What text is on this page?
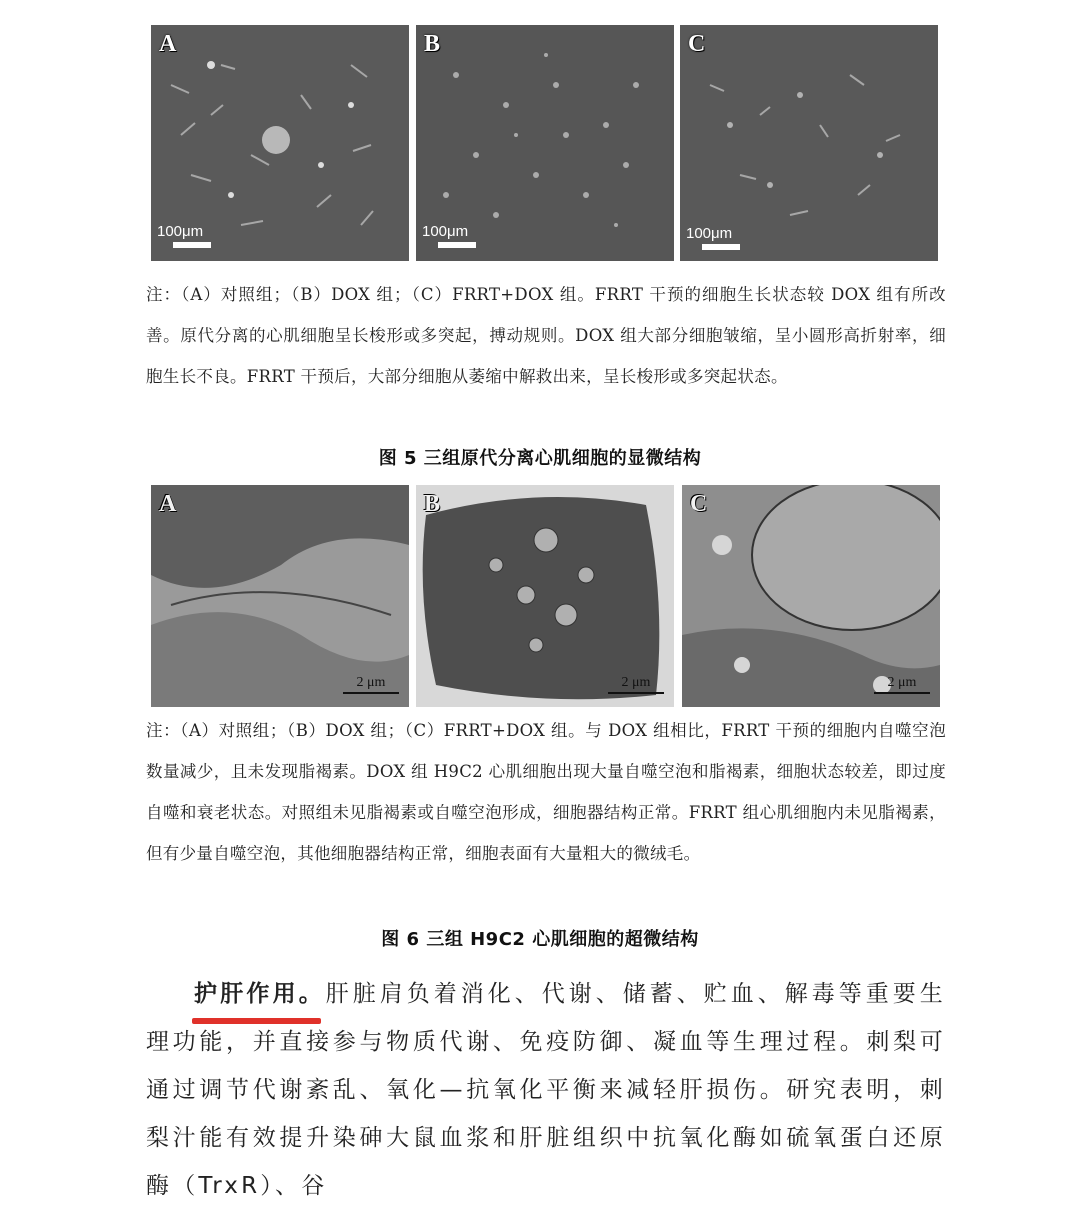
A
100μm
B
100μm
C
100μm
注：（A）对照组；（B）DOX 组；（C）FRRT+DOX 组。FRRT 干预的细胞生长状态较 DOX 组有所改善。原代分离的心肌细胞呈长梭形或多突起，搏动规则。DOX 组大部分细胞皱缩，呈小圆形高折射率，细胞生长不良。FRRT 干预后，大部分细胞从萎缩中解救出来，呈长梭形或多突起状态。
图 5 三组原代分离心肌细胞的显微结构
A
2 μm
B
2 μm
C
2 μm
注：（A）对照组；（B）DOX 组；（C）FRRT+DOX 组。与 DOX 组相比，FRRT 干预的细胞内自噬空泡数量减少，且未发现脂褐素。DOX 组 H9C2 心肌细胞出现大量自噬空泡和脂褐素，细胞状态较差，即过度自噬和衰老状态。对照组未见脂褐素或自噬空泡形成，细胞器结构正常。FRRT 组心肌细胞内未见脂褐素，但有少量自噬空泡，其他细胞器结构正常，细胞表面有大量粗大的微绒毛。
图 6 三组 H9C2 心肌细胞的超微结构
护肝作用。
肝脏肩负着消化、代谢、储蓄、贮血、解毒等重要生理功能，并直接参与物质代谢、免疫防御、凝血等生理过程。刺梨可通过调节代谢紊乱、氧化—抗氧化平衡来减轻肝损伤。研究表明，刺梨汁能有效提升染砷大鼠血浆和肝脏组织中抗氧化酶如硫氧蛋白还原酶（TrxR）、谷
